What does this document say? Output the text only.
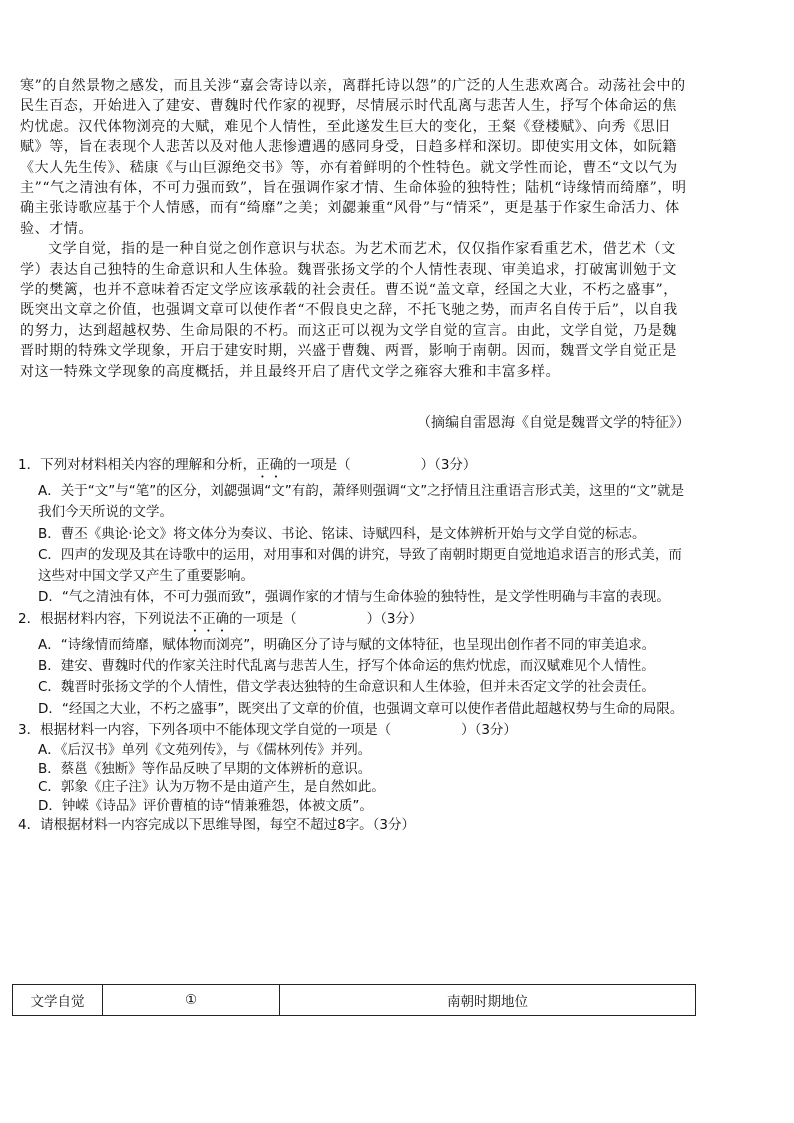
寒”的自然景物之感发，而且关涉“嘉会寄诗以亲，离群托诗以怨”的广泛的人生悲欢离合。动荡社会中的民生百态，开始进入了建安、曹魏时代作家的视野，尽情展示时代乱离与悲苦人生，抒写个体命运的焦灼忧虑。汉代体物浏亮的大赋，难见个人情性，至此遂发生巨大的变化，王粲《登楼赋》、向秀《思旧赋》等，旨在表现个人悲苦以及对他人悲惨遭遇的感同身受，日趋多样和深切。即使实用文体，如阮籍《大人先生传》、嵇康《与山巨源绝交书》等，亦有着鲜明的个性特色。就文学性而论，曹丕“文以气为主”“气之清浊有体，不可力强而致”，旨在强调作家才情、生命体验的独特性；陆机“诗缘情而绮靡”，明确主张诗歌应基于个人情感，而有“绮靡”之美；刘勰兼重“风骨”与“情采”，更是基于作家生命活力、体验、才情。

文学自觉，指的是一种自觉之创作意识与状态。为艺术而艺术，仅仅指作家看重艺术，借艺术（文学）表达自己独特的生命意识和人生体验。魏晋张扬文学的个人情性表现、审美追求，打破寓训勉于文学的樊篱，也并不意味着否定文学应该承载的社会责任。曹丕说“盖文章，经国之大业，不朽之盛事”，既突出文章之价值，也强调文章可以使作者“不假良史之辞，不托飞驰之势，而声名自传于后”，以自我的努力，达到超越权势、生命局限的不朽。而这正可以视为文学自觉的宣言。由此，文学自觉，乃是魏晋时期的特殊文学现象，开启于建安时期，兴盛于曹魏、两晋，影响于南朝。因而，魏晋文学自觉正是对这一特殊文学现象的高度概括，并且最终开启了唐代文学之雍容大雅和丰富多样。

（摘编自雷恩海《自觉是魏晋文学的特征》）
1．下列对材料相关内容的理解和分析，正确的一项是（	）（3分）
A．关于“文”与“笔”的区分，刘勰强调“文”有韵，萧绎则强调“文”之抒情且注重语言形式美，这里的“文”就是我们今天所说的文学。
B．曹丕《典论·论文》将文体分为奏议、书论、铭诔、诗赋四科，是文体辨析开始与文学自觉的标志。
C．四声的发现及其在诗歌中的运用，对用事和对偶的讲究，导致了南朝时期更自觉地追求语言的形式美，而这些对中国文学又产生了重要影响。
D．“气之清浊有体，不可力强而致”，强调作家的才情与生命体验的独特性，是文学性明确与丰富的表现。
2．根据材料内容，下列说法不正确的一项是（	）（3分）
A．“诗缘情而绮靡，赋体物而浏亮”，明确区分了诗与赋的文体特征，也呈现出创作者不同的审美追求。
B．建安、曹魏时代的作家关注时代乱离与悲苦人生，抒写个体命运的焦灼忧虑，而汉赋难见个人情性。
C．魏晋时张扬文学的个人情性，借文学表达独特的生命意识和人生体验，但并未否定文学的社会责任。
D．“经国之大业，不朽之盛事”，既突出了文章的价值，也强调文章可以使作者借此超越权势与生命的局限。
3．根据材料一内容，下列各项中不能体现文学自觉的一项是（	）（3分）
A．《后汉书》单列《文苑列传》，与《儒林列传》并列。
B．蔡邕《独断》等作品反映了早期的文体辨析的意识。
C．郭象《庄子注》认为万物不是由道产生，是自然如此。
D．钟嵘《诗品》评价曹植的诗“情兼雅怨，体被文质”。
4．请根据材料一内容完成以下思维导图，每空不超过8字。（3分）
文学自觉	①	南朝时期地位
